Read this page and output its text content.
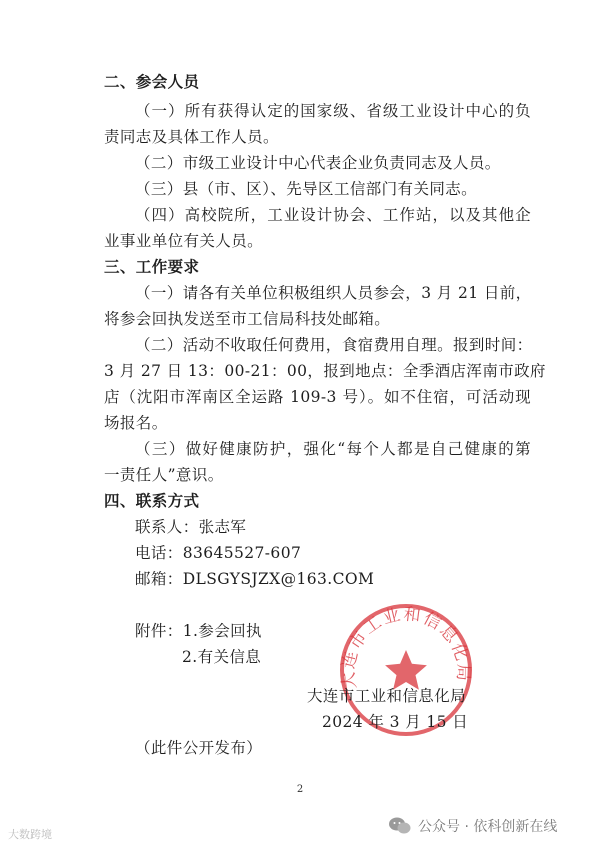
二、参会人员
（一）所有获得认定的国家级、省级工业设计中心的负
责同志及具体工作人员。
（二）市级工业设计中心代表企业负责同志及人员。
（三）县（市、区）、先导区工信部门有关同志。
（四）高校院所，工业设计协会、工作站，以及其他企
业事业单位有关人员。
三、工作要求
（一）请各有关单位积极组织人员参会，3 月 21 日前，
将参会回执发送至市工信局科技处邮箱。
（二）活动不收取任何费用，食宿费用自理。报到时间：
3 月 27 日 13：00-21：00，报到地点：全季酒店浑南市政府
店（沈阳市浑南区全运路 109-3 号）。如不住宿，可活动现
场报名。
（三）做好健康防护，强化“每个人都是自己健康的第
一责任人”意识。
四、联系方式
联系人：张志军
电话：83645527-607
邮箱：DLSGYSJZX@163.COM
附件：1.参会回执
2.有关信息
大连市工业和信息化局
大连市工业和信息化局
2024 年 3 月 15 日
（此件公开发布）
2
大数跨境	公众号 · 依科创新在线
